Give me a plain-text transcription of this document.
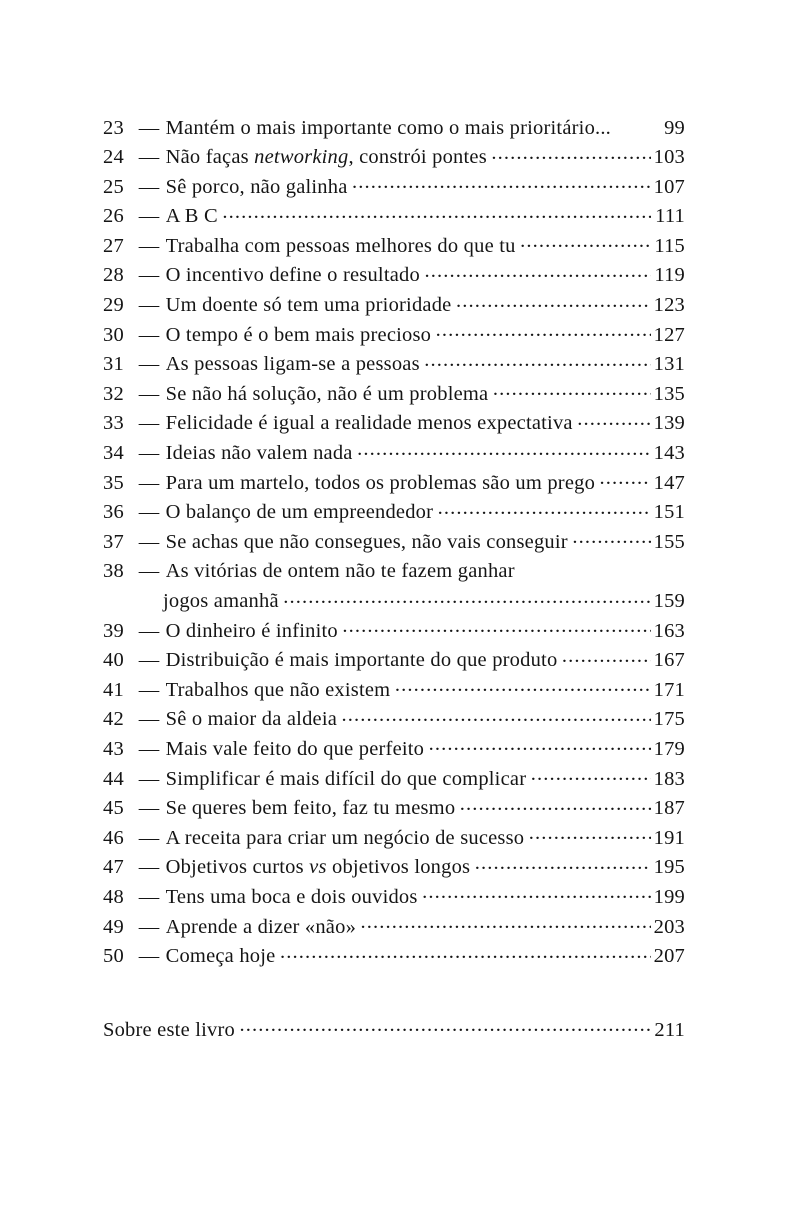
23 — Mantém o mais importante como o mais prioritário...	99
24 — Não faças networking, constrói pontes .....	103
25 — Sê porco, não galinha .....	107
26 — A B C .....	111
27 — Trabalha com pessoas melhores do que tu .....	115
28 — O incentivo define o resultado .....	119
29 — Um doente só tem uma prioridade .....	123
30 — O tempo é o bem mais precioso .....	127
31 — As pessoas ligam-se a pessoas .....	131
32 — Se não há solução, não é um problema .....	135
33 — Felicidade é igual a realidade menos expectativa .....	139
34 — Ideias não valem nada .....	143
35 — Para um martelo, todos os problemas são um prego .....	147
36 — O balanço de um empreendedor .....	151
37 — Se achas que não consegues, não vais conseguir .....	155
38 — As vitórias de ontem não te fazem ganhar
jogos amanhã .....	159
39 — O dinheiro é infinito .....	163
40 — Distribuição é mais importante do que produto .....	167
41 — Trabalhos que não existem .....	171
42 — Sê o maior da aldeia .....	175
43 — Mais vale feito do que perfeito .....	179
44 — Simplificar é mais difícil do que complicar .....	183
45 — Se queres bem feito, faz tu mesmo .....	187
46 — A receita para criar um negócio de sucesso .....	191
47 — Objetivos curtos vs objetivos longos .....	195
48 — Tens uma boca e dois ouvidos .....	199
49 — Aprende a dizer «não» .....	203
50 — Começa hoje .....	207
Sobre este livro .....	211
